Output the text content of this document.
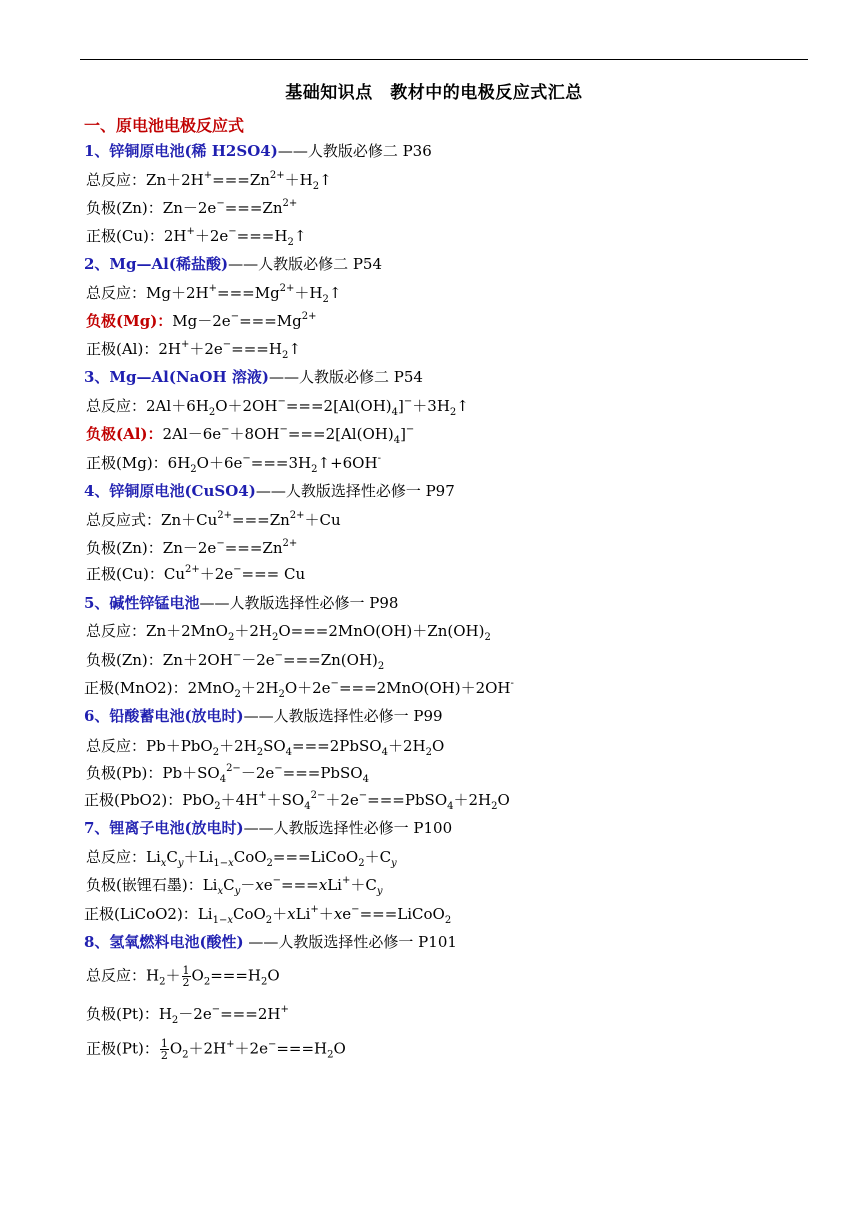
基础知识点　教材中的电极反应式汇总
一、原电池电极反应式
1、锌铜原电池(稀 H2SO4)——人教版必修二 P36
总反应：$Zn+2H^+===Zn^{2+}+H_2↑$
负极(Zn)：$Zn-2e^-===Zn^{2+}$
正极(Cu)：$2H^++2e^-===H_2↑$
2、Mg—Al(稀盐酸)——人教版必修二 P54
总反应：$Mg+2H^+===Mg^{2+}+H_2↑$
负极(Mg)：$Mg-2e^-===Mg^{2+}$
正极(Al)：$2H^++2e^-===H_2↑$
3、Mg—Al(NaOH 溶液)——人教版必修二 P54
总反应：$2Al+6H_2O+2OH^-===2[Al(OH)_4]^-+3H_2↑$
负极(Al)：$2Al-6e^-+8OH^-===2[Al(OH)_4]^-$
正极(Mg)：$6H_2O+6e^-===3H_2↑+6OH^-$
4、锌铜原电池(CuSO4)——人教版选择性必修一 P97
总反应式：$Zn+Cu^{2+}===Zn^{2+}+Cu$
负极(Zn)：$Zn-2e^-===Zn^{2+}$
正极(Cu)：$Cu^{2+}+2e^-=== Cu$
5、碱性锌锰电池——人教版选择性必修一 P98
总反应：$Zn+2MnO_2+2H_2O===2MnO(OH)+Zn(OH)_2$
负极(Zn)：$Zn+2OH^--2e^-===Zn(OH)_2$
正极(MnO2)：$2MnO_2+2H_2O+2e^-===2MnO(OH)+2OH^-$
6、铅酸蓄电池(放电时)——人教版选择性必修一 P99
总反应：$Pb+PbO_2+2H_2SO_4===2PbSO_4+2H_2O$
负极(Pb)：$Pb+SO_4^{2-}-2e^-===PbSO_4$
正极(PbO2)：$PbO_2+4H^++SO_4^{2-}+2e^-===PbSO_4+2H_2O$
7、锂离子电池(放电时)——人教版选择性必修一 P100
总反应：$Li_xC_y+Li_{1-x}CoO_2===LiCoO_2+C_y$
负极(嵌锂石墨)：$Li_xC_y-xe^-===xLi^++C_y$
正极(LiCoO2)：$Li_{1-x}CoO_2+xLi^++xe^-===LiCoO_2$
8、氢氧燃料电池(酸性) ——人教版选择性必修一 P101
总反应：$H_2+ \frac{1}{2} O_2===H_2O$
负极(Pt)：$H_2-2e^-===2H^+$
正极(Pt)： $\frac{1}{2} O_2+2H^++2e^-===H_2O$
